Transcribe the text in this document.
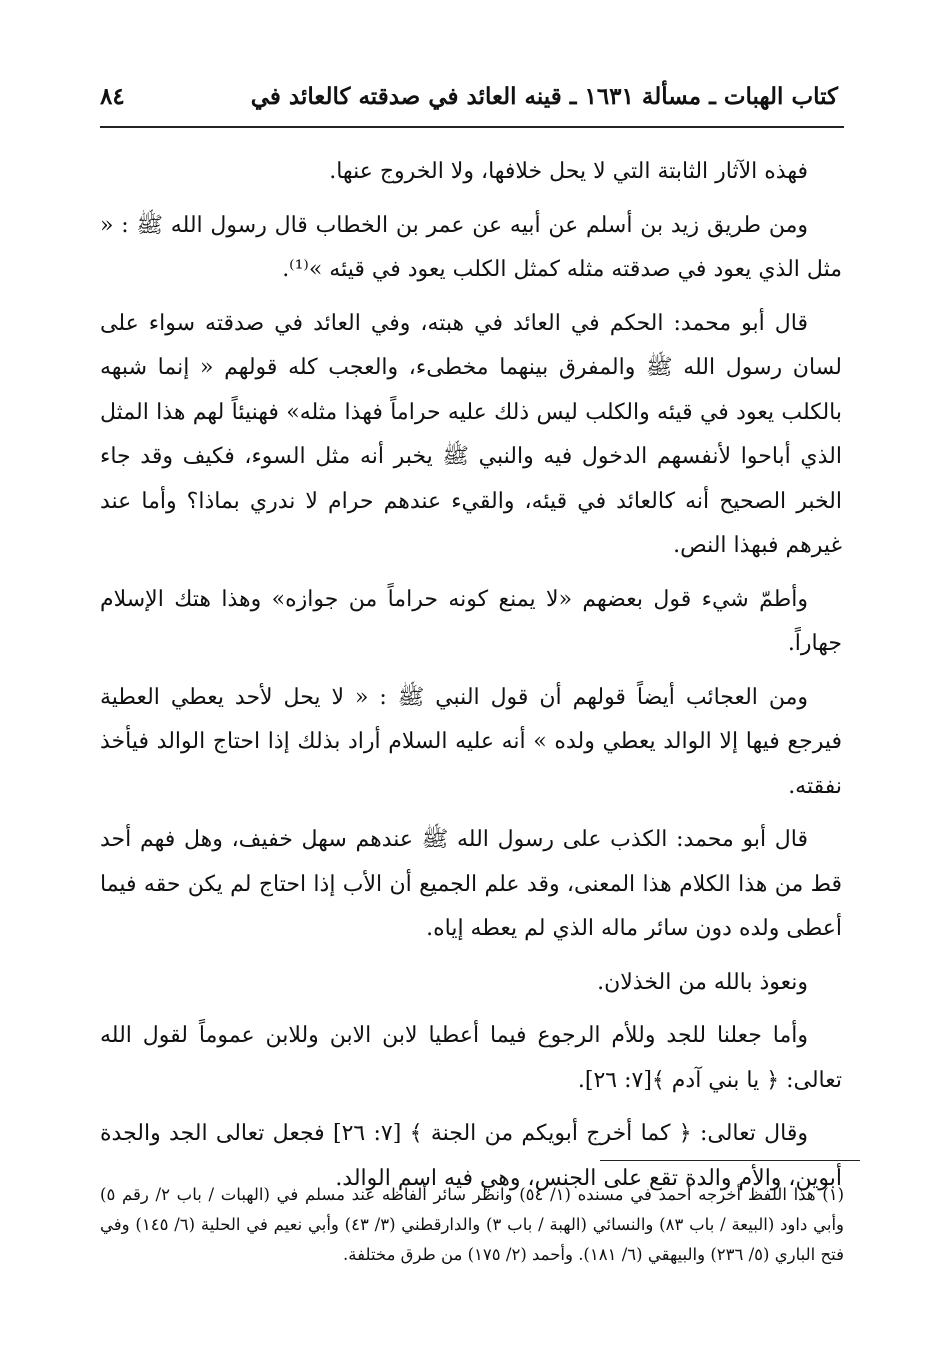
كتاب الهبات ـ مسألة ١٦٣١ ـ قينه العائد في صدقته كالعائد في
٨٤

فهذه الآثار الثابتة التي لا يحل خلافها، ولا الخروج عنها.

ومن طريق زيد بن أسلم عن أبيه عن عمر بن الخطاب قال رسول الله ﷺ : « مثل الذي يعود في صدقته مثله كمثل الكلب يعود في قيئه »⁽¹⁾.

قال أبو محمد: الحكم في العائد في هبته، وفي العائد في صدقته سواء على لسان رسول الله ﷺ والمفرق بينهما مخطىء، والعجب كله قولهم « إنما شبهه بالكلب يعود في قيئه والكلب ليس ذلك عليه حراماً فهذا مثله» فهنيئاً لهم هذا المثل الذي أباحوا لأنفسهم الدخول فيه والنبي ﷺ يخبر أنه مثل السوء، فكيف وقد جاء الخبر الصحيح أنه كالعائد في قيئه، والقيء عندهم حرام لا ندري بماذا؟ وأما عند غيرهم فبهذا النص.

وأطمّ شيء قول بعضهم «لا يمنع كونه حراماً من جوازه» وهذا هتك الإسلام جهاراً.

ومن العجائب أيضاً قولهم أن قول النبي ﷺ : « لا يحل لأحد يعطي العطية فيرجع فيها إلا الوالد يعطي ولده » أنه عليه السلام أراد بذلك إذا احتاج الوالد فيأخذ نفقته.

قال أبو محمد: الكذب على رسول الله ﷺ عندهم سهل خفيف، وهل فهم أحد قط من هذا الكلام هذا المعنى، وقد علم الجميع أن الأب إذا احتاج لم يكن حقه فيما أعطى ولده دون سائر ماله الذي لم يعطه إياه.

ونعوذ بالله من الخذلان.

وأما جعلنا للجد وللأم الرجوع فيما أعطيا لابن الابن وللابن عموماً لقول الله تعالى: ﴿ يا بني آدم ﴾[٧: ٢٦].

وقال تعالى: ﴿ كما أخرج أبويكم من الجنة ﴾ [٧: ٢٦] فجعل تعالى الجد والجدة أبوين، والأم والدة تقع على الجنس، وهي فيه اسم الوالد.

(١) هذا اللفظ أخرجه أحمد في مسنده (١/ ٥٤) وانظر سائر ألفاظه عند مسلم في (الهبات / باب ٢/ رقم ٥) وأبي داود (البيعة / باب ٨٣) والنسائي (الهبة / باب ٣) والدارقطني (٣/ ٤٣) وأبي نعيم في الحلية (٦/ ١٤٥) وفي فتح الباري (٥/ ٢٣٦) والبيهقي (٦/ ١٨١). وأحمد (٢/ ١٧٥) من طرق مختلفة.
